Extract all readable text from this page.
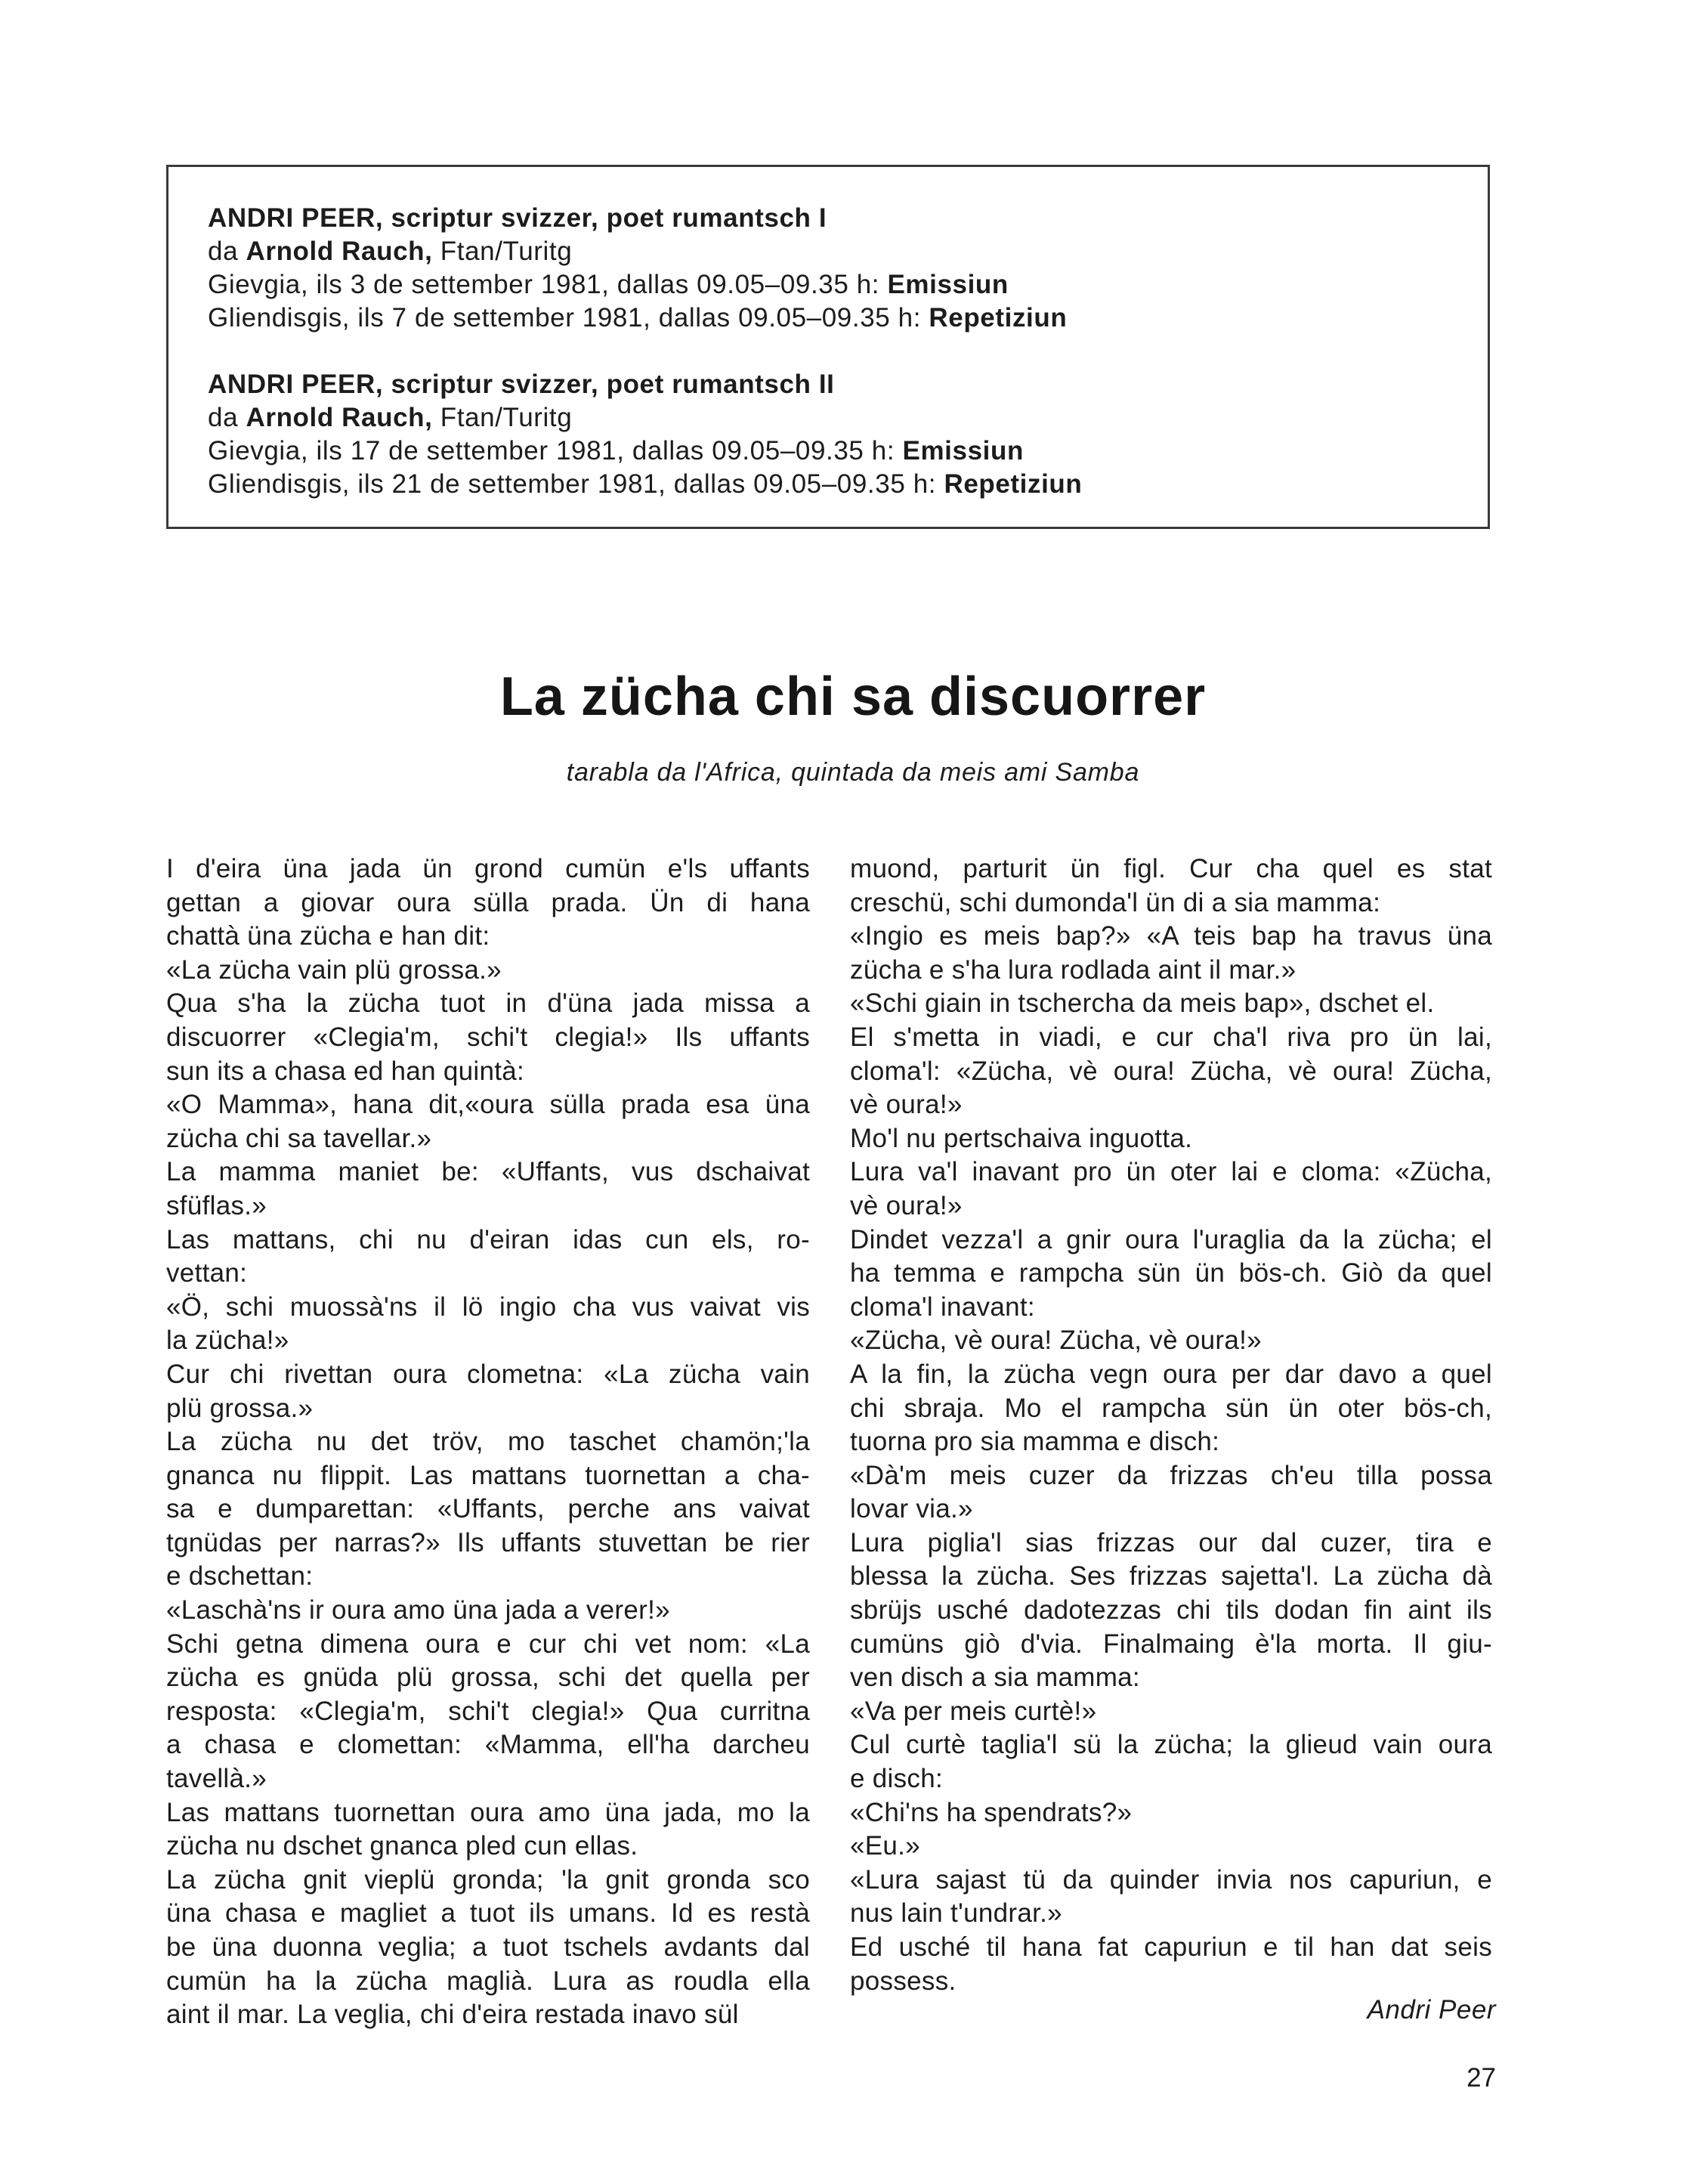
ANDRI PEER, scriptur svizzer, poet rumantsch I
da Arnold Rauch, Ftan/Turitg
Gievgia, ils 3 de settember 1981, dallas 09.05–09.35 h: Emissiun
Gliendisgis, ils 7 de settember 1981, dallas 09.05–09.35 h: Repetiziun
ANDRI PEER, scriptur svizzer, poet rumantsch II
da Arnold Rauch, Ftan/Turitg
Gievgia, ils 17 de settember 1981, dallas 09.05–09.35 h: Emissiun
Gliendisgis, ils 21 de settember 1981, dallas 09.05–09.35 h: Repetiziun
La zücha chi sa discuorrer
tarabla da l'Africa, quintada da meis ami Samba
I d'eira üna jada ün grond cumün e'ls uffants
gettan a giovar oura sülla prada. Ün di hana
chattà üna zücha e han dit:
«La zücha vain plü grossa.»
Qua s'ha la zücha tuot in d'üna jada missa a
discuorrer «Clegia'm, schi't clegia!» Ils uffants
sun its a chasa ed han quintà:
«O Mamma», hana dit,«oura sülla prada esa üna
zücha chi sa tavellar.»
La mamma maniet be: «Uffants, vus dschaivat
sfüflas.»
Las mattans, chi nu d'eiran idas cun els, ro-
vettan:
«Ö, schi muossà'ns il lö ingio cha vus vaivat vis
la zücha!»
Cur chi rivettan oura clometna: «La zücha vain
plü grossa.»
La zücha nu det tröv, mo taschet chamön;'la
gnanca nu flippit. Las mattans tuornettan a cha-
sa e dumparettan: «Uffants, perche ans vaivat
tgnüdas per narras?» Ils uffants stuvettan be rier
e dschettan:
«Laschà'ns ir oura amo üna jada a verer!»
Schi getna dimena oura e cur chi vet nom: «La
zücha es gnüda plü grossa, schi det quella per
resposta: «Clegia'm, schi't clegia!» Qua curritna
a chasa e clomettan: «Mamma, ell'ha darcheu
tavellà.»
Las mattans tuornettan oura amo üna jada, mo la
zücha nu dschet gnanca pled cun ellas.
La zücha gnit vieplü gronda; 'la gnit gronda sco
üna chasa e magliet a tuot ils umans. Id es restà
be üna duonna veglia; a tuot tschels avdants dal
cumün ha la zücha maglià. Lura as roudla ella
aint il mar. La veglia, chi d'eira restada inavo sül
muond, parturit ün figl. Cur cha quel es stat
creschü, schi dumonda'l ün di a sia mamma:
«Ingio es meis bap?» «A teis bap ha travus üna
zücha e s'ha lura rodlada aint il mar.»
«Schi giain in tschercha da meis bap», dschet el.
El s'metta in viadi, e cur cha'l riva pro ün lai,
cloma'l: «Zücha, vè oura! Zücha, vè oura! Zücha,
vè oura!»
Mo'l nu pertschaiva inguotta.
Lura va'l inavant pro ün oter lai e cloma: «Zücha,
vè oura!»
Dindet vezza'l a gnir oura l'uraglia da la zücha; el
ha temma e rampcha sün ün bös-ch. Giò da quel
cloma'l inavant:
«Zücha, vè oura! Zücha, vè oura!»
A la fin, la zücha vegn oura per dar davo a quel
chi sbraja. Mo el rampcha sün ün oter bös-ch,
tuorna pro sia mamma e disch:
«Dà'm meis cuzer da frizzas ch'eu tilla possa
lovar via.»
Lura piglia'l sias frizzas our dal cuzer, tira e
blessa la zücha. Ses frizzas sajetta'l. La zücha dà
sbrüjs usché dadotezzas chi tils dodan fin aint ils
cumüns giò d'via. Finalmaing è'la morta. Il giu-
ven disch a sia mamma:
«Va per meis curtè!»
Cul curtè taglia'l sü la zücha; la glieud vain oura
e disch:
«Chi'ns ha spendrats?»
«Eu.»
«Lura sajast tü da quinder invia nos capuriun, e
nus lain t'undrar.»
Ed usché til hana fat capuriun e til han dat seis
possess.
Andri Peer
27
